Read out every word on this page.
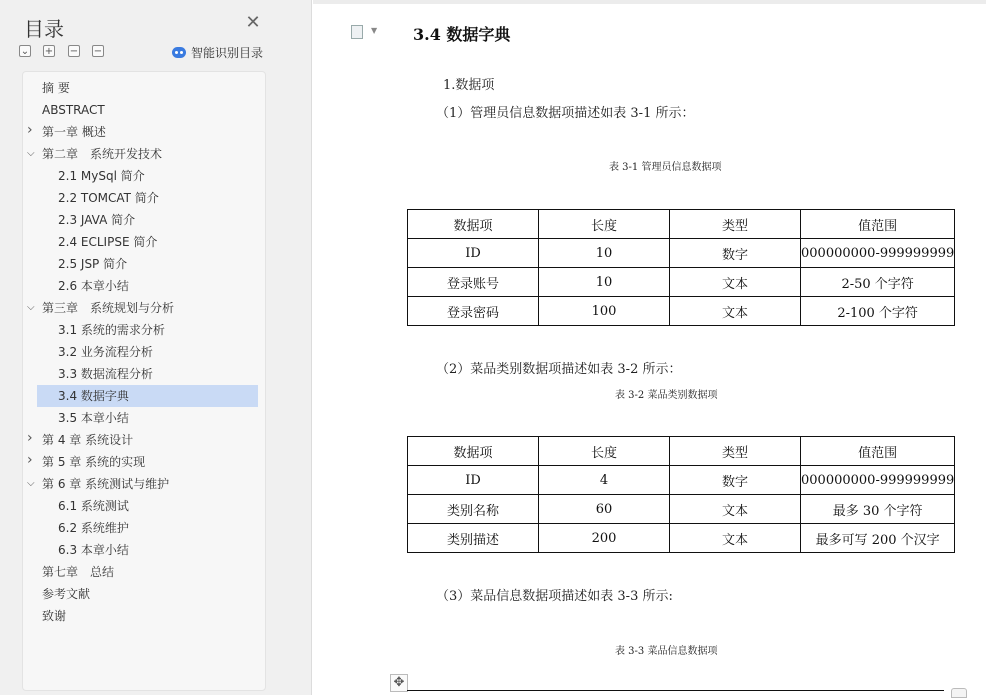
目录	✕
⌄ + − −	智能识别目录
摘 要
ABSTRACT
› 第一章 概述
⌵ 第二章　系统开发技术
2.1 MySql 简介
2.2 TOMCAT 简介
2.3 JAVA 简介
2.4 ECLIPSE 简介
2.5 JSP 简介
2.6 本章小结
⌵ 第三章　系统规划与分析
3.1 系统的需求分析
3.2 业务流程分析
3.3 数据流程分析
3.4 数据字典
3.5 本章小结
› 第 4 章 系统设计
› 第 5 章 系统的实现
⌵ 第 6 章 系统测试与维护
6.1 系统测试
6.2 系统维护
6.3 本章小结
第七章　总结
参考文献
致谢
▼ 3.4 数据字典
1.数据项
（1）管理员信息数据项描述如表 3-1 所示：
表 3-1 管理员信息数据项
数据项	长度	类型	值范围
ID	10	数字	000000000-999999999
登录账号	10	文本	2-50 个字符
登录密码	100	文本	2-100 个字符
（2）菜品类别数据项描述如表 3-2 所示：
表 3-2 菜品类别数据项
数据项	长度	类型	值范围
ID	4	数字	000000000-999999999
类别名称	60	文本	最多 30 个字符
类别描述	200	文本	最多可写 200 个汉字
（3）菜品信息数据项描述如表 3-3 所示:
表 3-3 菜品信息数据项
✥
